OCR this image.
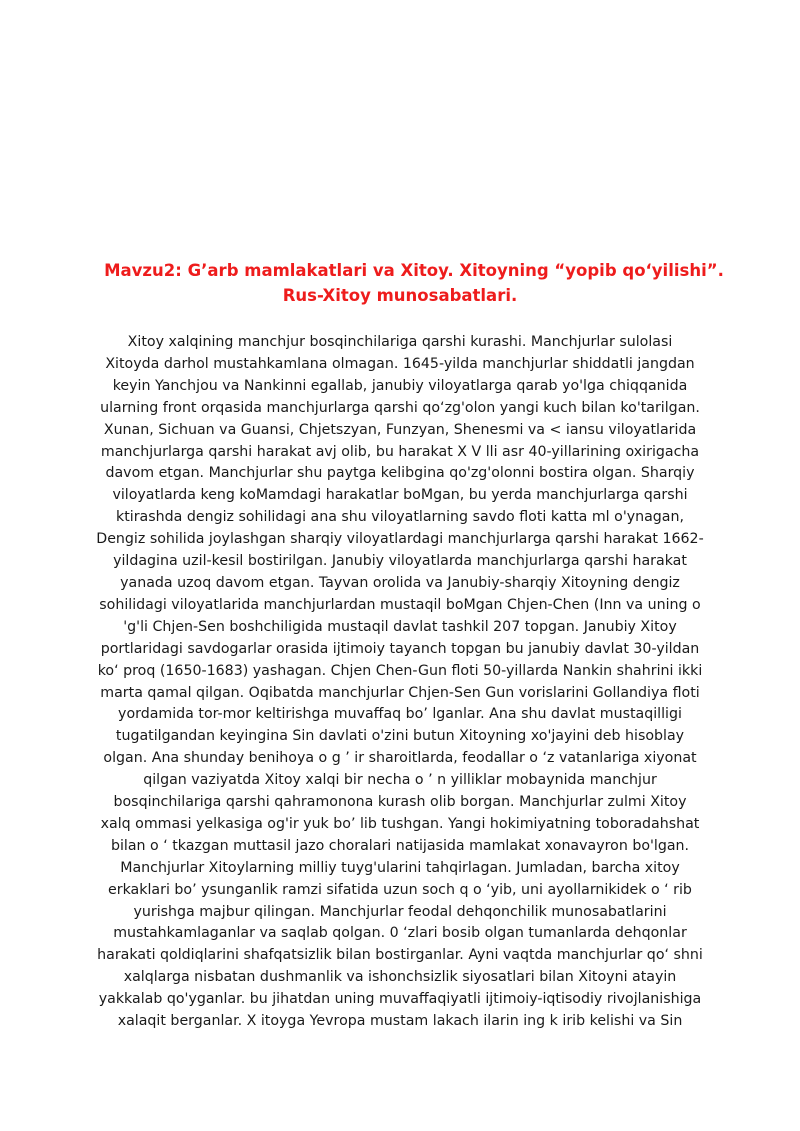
Mavzu2: G’arb mamlakatlari va Xitoy. Xitoyning “yopib qo‘yilishi”.
Rus-Xitoy munosabatlari.
Xitoy xalqining manchjur bosqinchilariga qarshi kurashi. Manchjurlar sulolasi
Xitoyda darhol mustahkamlana olmagan. 1645-yilda manchjurlar shiddatli jangdan
keyin Yanchjou va Nankinni egallab, janubiy viloyatlarga qarab yo'lga chiqqanida
ularning front orqasida manchjurlarga qarshi qo‘zg'olon yangi kuch bilan ko'tarilgan.
Xunan, Sichuan va Guansi, Chjetszyan, Funzyan, Shenesmi va < iansu viloyatlarida
manchjurlarga qarshi harakat avj olib, bu harakat X V lli asr 40-yillarining oxirigacha
davom etgan. Manchjurlar shu paytga kelibgina qo'zg'olonni bostira olgan. Sharqiy
viloyatlarda keng koMamdagi harakatlar boMgan, bu yerda manchjurlarga qarshi
ktirashda dengiz sohilidagi ana shu viloyatlarning savdo floti katta ml o'ynagan,
Dengiz sohilida joylashgan sharqiy viloyatlardagi manchjurlarga qarshi harakat 1662-
yildagina uzil-kesil bostirilgan. Janubiy viloyatlarda manchjurlarga qarshi harakat
yanada uzoq davom etgan. Tayvan orolida va Janubiy-sharqiy Xitoyning dengiz
sohilidagi viloyatlarida manchjurlardan mustaqil boMgan Chjen-Chen (Inn va uning o
'g'li Chjen-Sen boshchiligida mustaqil davlat tashkil 207 topgan. Janubiy Xitoy
portlaridagi savdogarlar orasida ijtimoiy tayanch topgan bu janubiy davlat 30-yildan
ko‘ proq (1650-1683) yashagan. Chjen Chen-Gun floti 50-yillarda Nankin shahrini ikki
marta qamal qilgan. Oqibatda manchjurlar Chjen-Sen Gun vorislarini Gollandiya floti
yordamida tor-mor keltirishga muvaffaq bo’ lganlar. Ana shu davlat mustaqilligi
tugatilgandan keyingina Sin davlati o'zini butun Xitoyning xo'jayini deb hisoblay
olgan. Ana shunday benihoya o g ’ ir sharoitlarda, feodallar o ‘z vatanlariga xiyonat
qilgan vaziyatda Xitoy xalqi bir necha o ’ n yilliklar mobaynida manchjur
bosqinchilariga qarshi qahramonona kurash olib borgan. Manchjurlar zulmi Xitoy
xalq ommasi yelkasiga og'ir yuk bo’ lib tushgan. Yangi hokimiyatning toboradahshat
bilan o ‘ tkazgan muttasil jazo choralari natijasida mamlakat xonavayron bo'lgan.
Manchjurlar Xitoylarning milliy tuyg'ularini tahqirlagan. Jumladan, barcha xitoy
erkaklari bo’ ysunganlik ramzi sifatida uzun soch q o ‘yib, uni ayollarnikidek o ‘ rib
yurishga majbur qilingan. Manchjurlar feodal dehqonchilik munosabatlarini
mustahkamlaganlar va saqlab qolgan. 0 ‘zlari bosib olgan tumanlarda dehqonlar
harakati qoldiqlarini shafqatsizlik bilan bostirganlar. Ayni vaqtda manchjurlar qo‘ shni
xalqlarga nisbatan dushmanlik va ishonchsizlik siyosatlari bilan Xitoyni atayin
yakkalab qo'yganlar. bu jihatdan uning muvaffaqiyatli ijtimoiy-iqtisodiy rivojlanishiga
xalaqit berganlar. X itoyga Yevropa mustam lakach ilarin ing k irib kelishi va Sin
